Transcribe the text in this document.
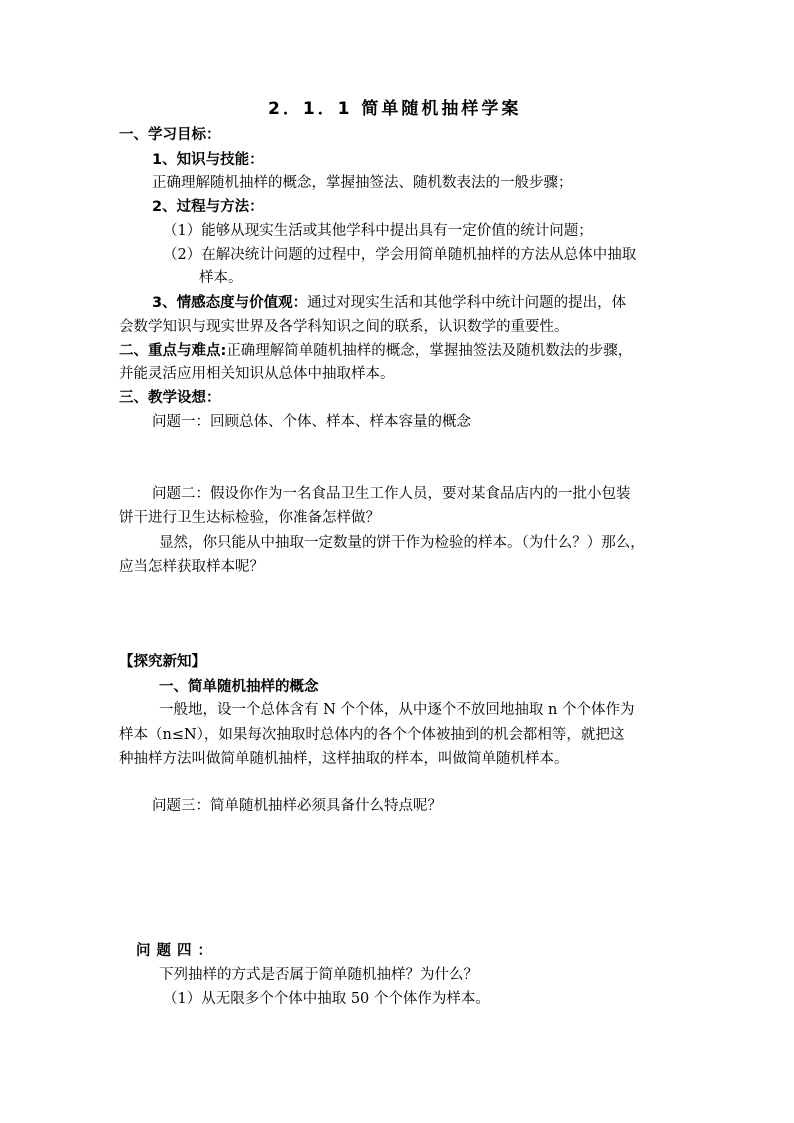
2．1．1 简单随机抽样学案
一、学习目标：
1、知识与技能：
正确理解随机抽样的概念，掌握抽签法、随机数表法的一般步骤；
2、过程与方法：
（1）能够从现实生活或其他学科中提出具有一定价值的统计问题；
（2）在解决统计问题的过程中，学会用简单随机抽样的方法从总体中抽取
样本。
3、情感态度与价值观：通过对现实生活和其他学科中统计问题的提出，体
会数学知识与现实世界及各学科知识之间的联系，认识数学的重要性。
二、重点与难点:正确理解简单随机抽样的概念，掌握抽签法及随机数法的步骤，
并能灵活应用相关知识从总体中抽取样本。
三、教学设想：
问题一：回顾总体、个体、样本、样本容量的概念
问题二：假设你作为一名食品卫生工作人员，要对某食品店内的一批小包装
饼干进行卫生达标检验，你准备怎样做？
显然，你只能从中抽取一定数量的饼干作为检验的样本。（为什么？）那么，
应当怎样获取样本呢？
【探究新知】
一、简单随机抽样的概念
一般地，设一个总体含有 N 个个体，从中逐个不放回地抽取 n 个个体作为
样本（n≤N），如果每次抽取时总体内的各个个体被抽到的机会都相等，就把这
种抽样方法叫做简单随机抽样，这样抽取的样本，叫做简单随机样本。
问题三：简单随机抽样必须具备什么特点呢？
问题四：
下列抽样的方式是否属于简单随机抽样？为什么？
（1）从无限多个个体中抽取 50 个个体作为样本。
